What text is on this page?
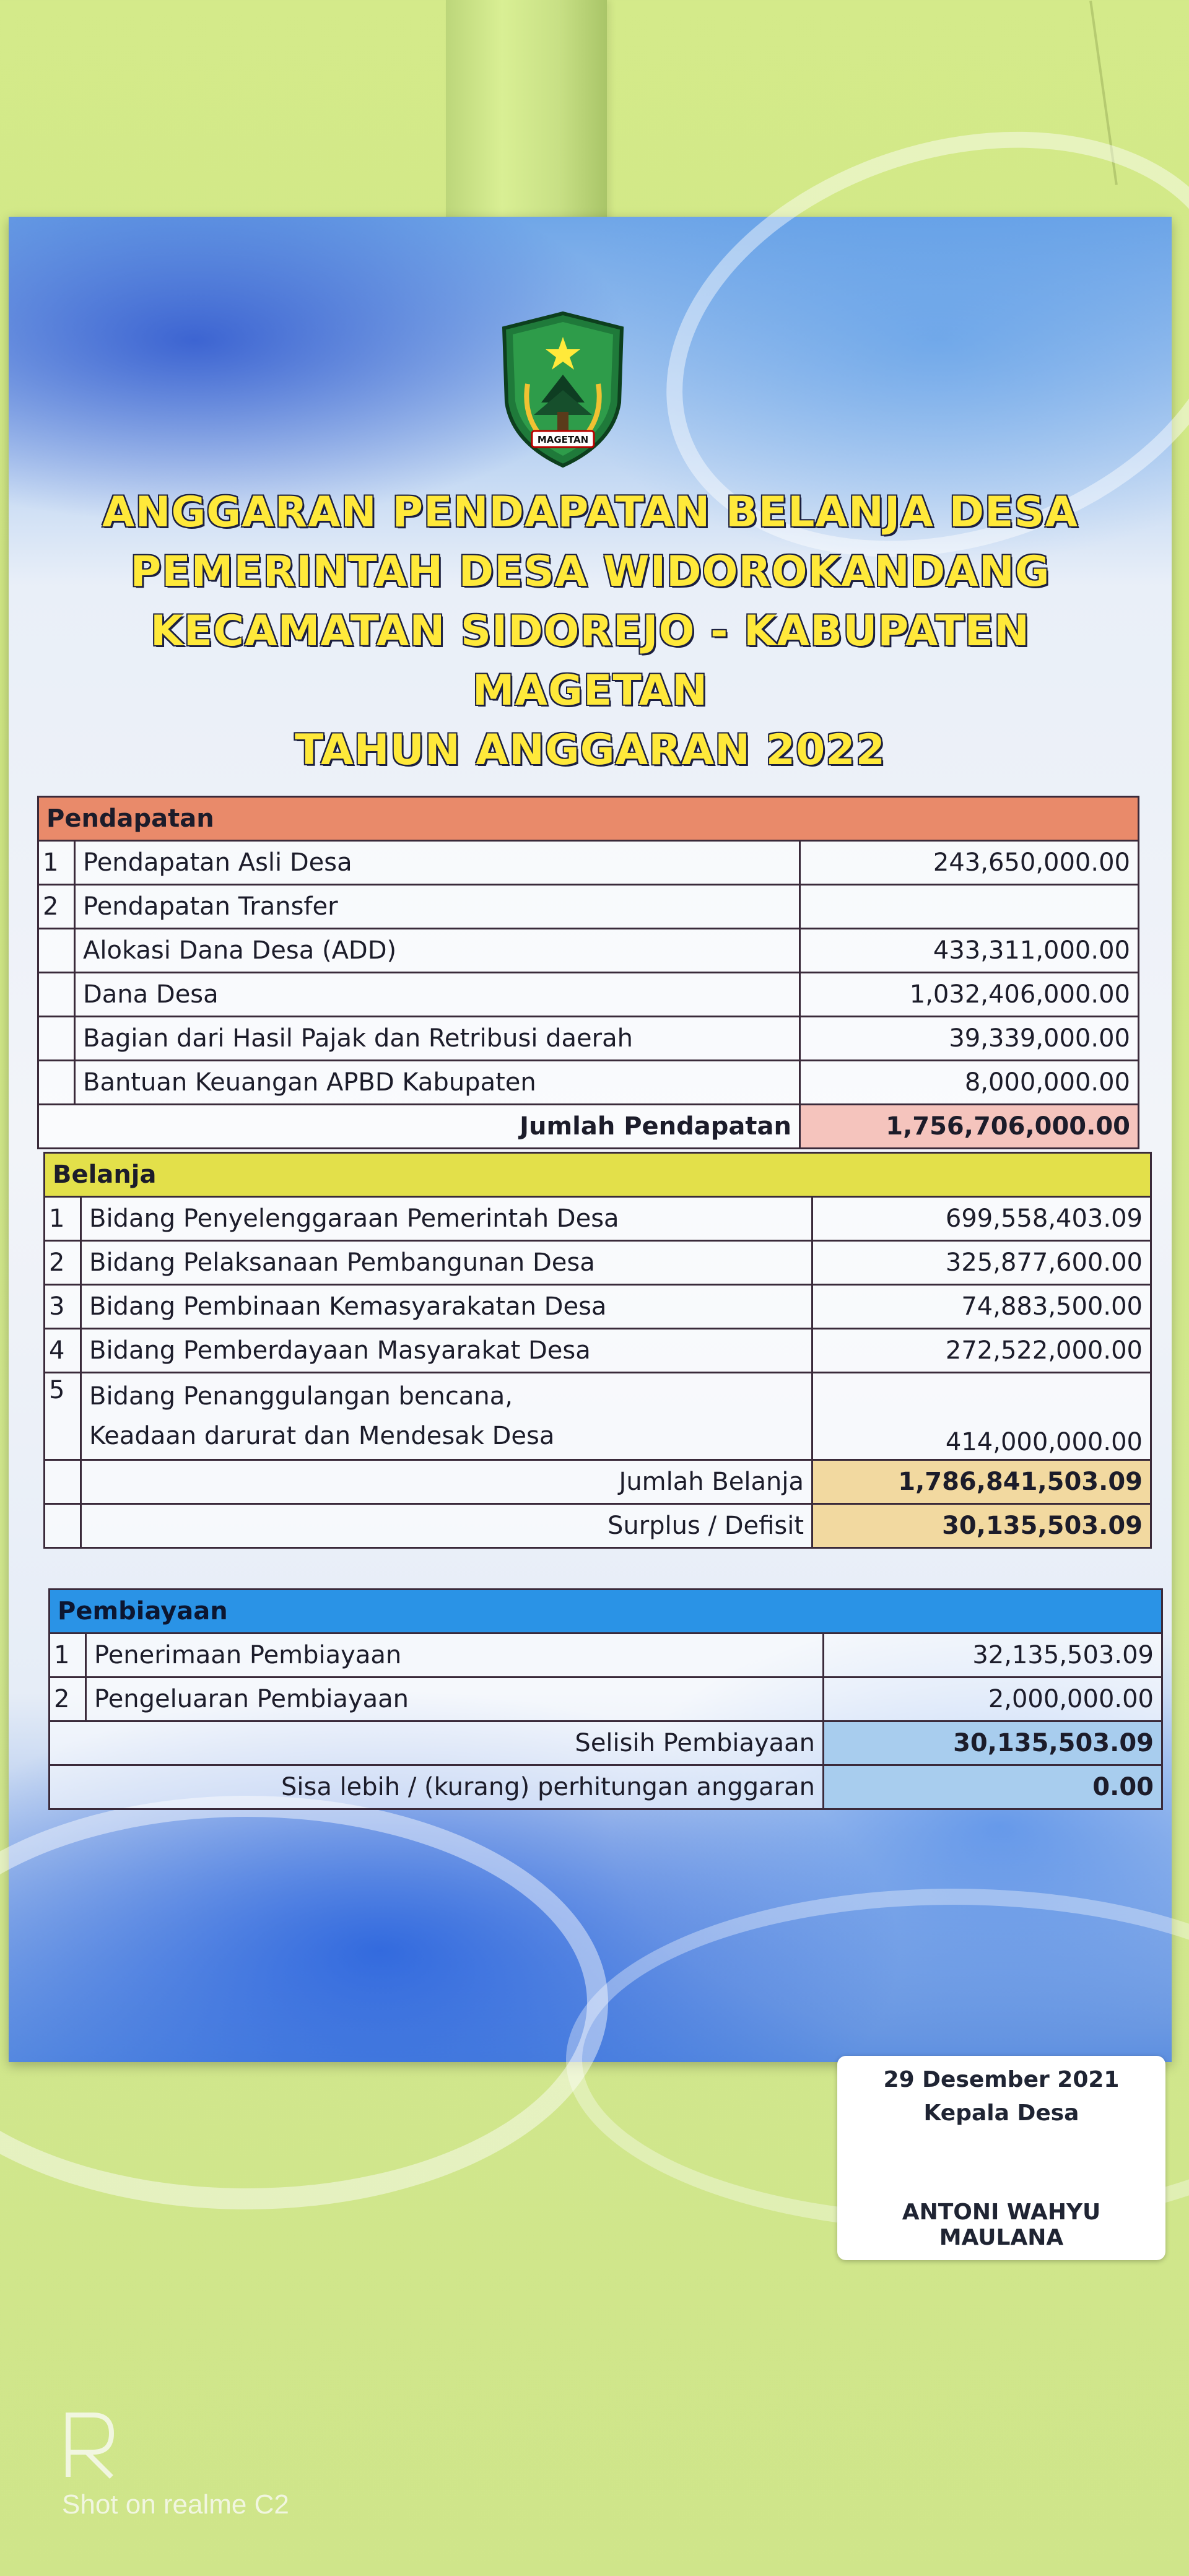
MAGETAN
ANGGARAN PENDAPATAN BELANJA DESA
PEMERINTAH DESA WIDOROKANDANG
KECAMATAN SIDOREJO - KABUPATEN MAGETAN
TAHUN ANGGARAN 2022
Pendapatan		
1	Pendapatan Asli Desa	243,650,000.00
2	Pendapatan Transfer	
	Alokasi Dana Desa (ADD)	433,311,000.00
	Dana Desa	1,032,406,000.00
	Bagian dari Hasil Pajak dan Retribusi daerah	39,339,000.00
	Bantuan Keuangan APBD Kabupaten	8,000,000.00
Jumlah Pendapatan		1,756,706,000.00
Belanja		
1	Bidang Penyelenggaraan Pemerintah Desa	699,558,403.09
2	Bidang Pelaksanaan Pembangunan Desa	325,877,600.00
3	Bidang Pembinaan Kemasyarakatan Desa	74,883,500.00
4	Bidang Pemberdayaan Masyarakat Desa	272,522,000.00
5	Bidang Penanggulangan bencana,
Keadaan darurat dan Mendesak Desa	414,000,000.00
	Jumlah Belanja	1,786,841,503.09
	Surplus / Defisit	30,135,503.09
Pembiayaan		
1	Penerimaan Pembiayaan	32,135,503.09
2	Pengeluaran Pembiayaan	2,000,000.00
Selisih Pembiayaan		30,135,503.09
Sisa lebih / (kurang) perhitungan anggaran		0.00
29 Desember 2021
Kepala Desa
ANTONI WAHYU MAULANA
Shot on realme C2
